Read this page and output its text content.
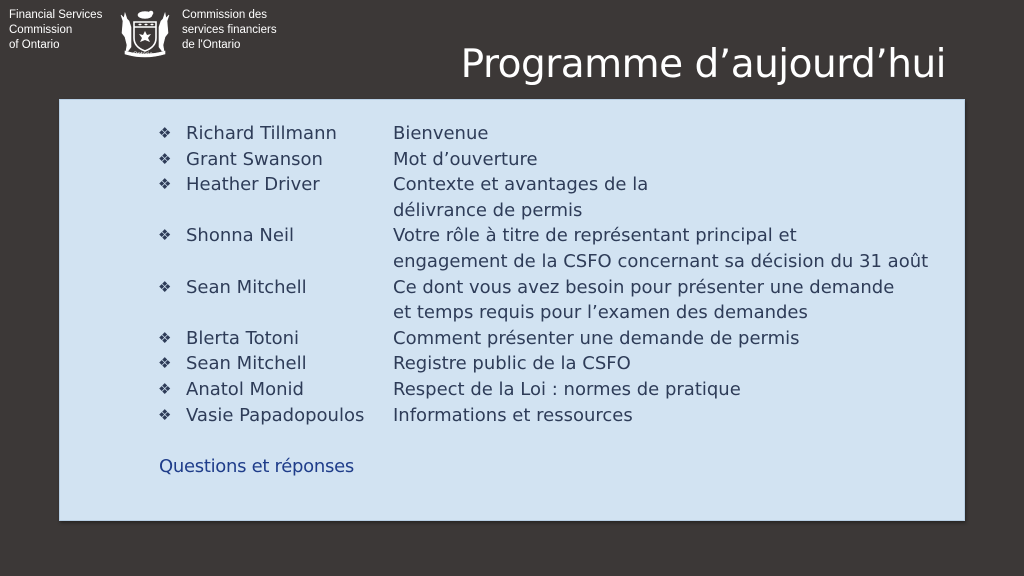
Financial Services
Commission
of Ontario
Ontario
Commission des
services financiers
de l'Ontario	Programme d’aujourd’hui
❖ Richard Tillmann	Bienvenue
❖ Grant Swanson	Mot d’ouverture
❖ Heather Driver	Contexte et avantages de la
délivrance de permis
❖ Shonna Neil	Votre rôle à titre de représentant principal et
engagement de la CSFO concernant sa décision du 31 août
❖ Sean Mitchell	Ce dont vous avez besoin pour présenter une demande
et temps requis pour l’examen des demandes
❖ Blerta Totoni	Comment présenter une demande de permis
❖ Sean Mitchell	Registre public de la CSFO
❖ Anatol Monid	Respect de la Loi : normes de pratique
❖ Vasie Papadopoulos	Informations et ressources
Questions et réponses
